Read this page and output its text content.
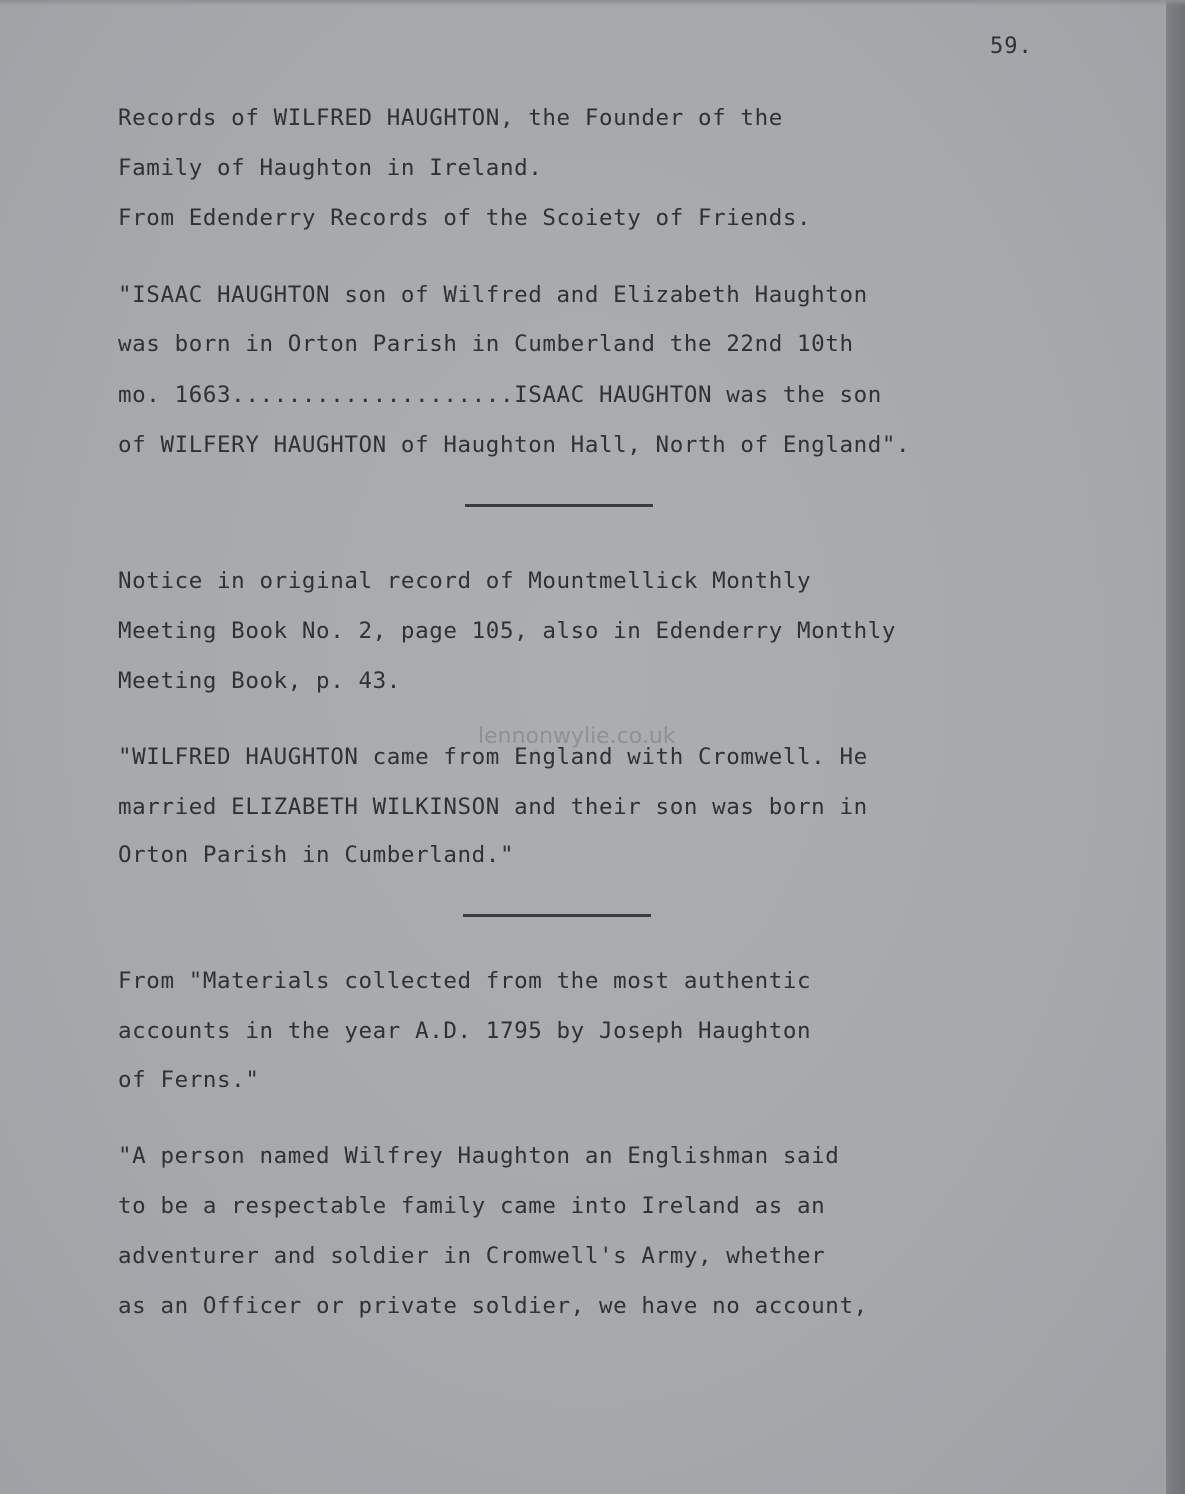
59.
Records of WILFRED HAUGHTON, the Founder of the
Family of Haughton in Ireland.
From Edenderry Records of the Scoiety of Friends.
"ISAAC HAUGHTON son of Wilfred and Elizabeth Haughton
was born in Orton Parish in Cumberland the 22nd 10th
mo. 1663....................ISAAC HAUGHTON was the son
of WILFERY HAUGHTON of Haughton Hall, North of England".
Notice in original record of Mountmellick Monthly
Meeting Book No. 2, page 105, also in Edenderry Monthly
Meeting Book, p. 43.
"WILFRED HAUGHTON came from England with Cromwell. He
married ELIZABETH WILKINSON and their son was born in
Orton Parish in Cumberland."
lennonwylie.co.uk
From "Materials collected from the most authentic
accounts in the year A.D. 1795 by Joseph Haughton
of Ferns."
"A person named Wilfrey Haughton an Englishman said
to be a respectable family came into Ireland as an
adventurer and soldier in Cromwell's Army, whether
as an Officer or private soldier, we have no account,
